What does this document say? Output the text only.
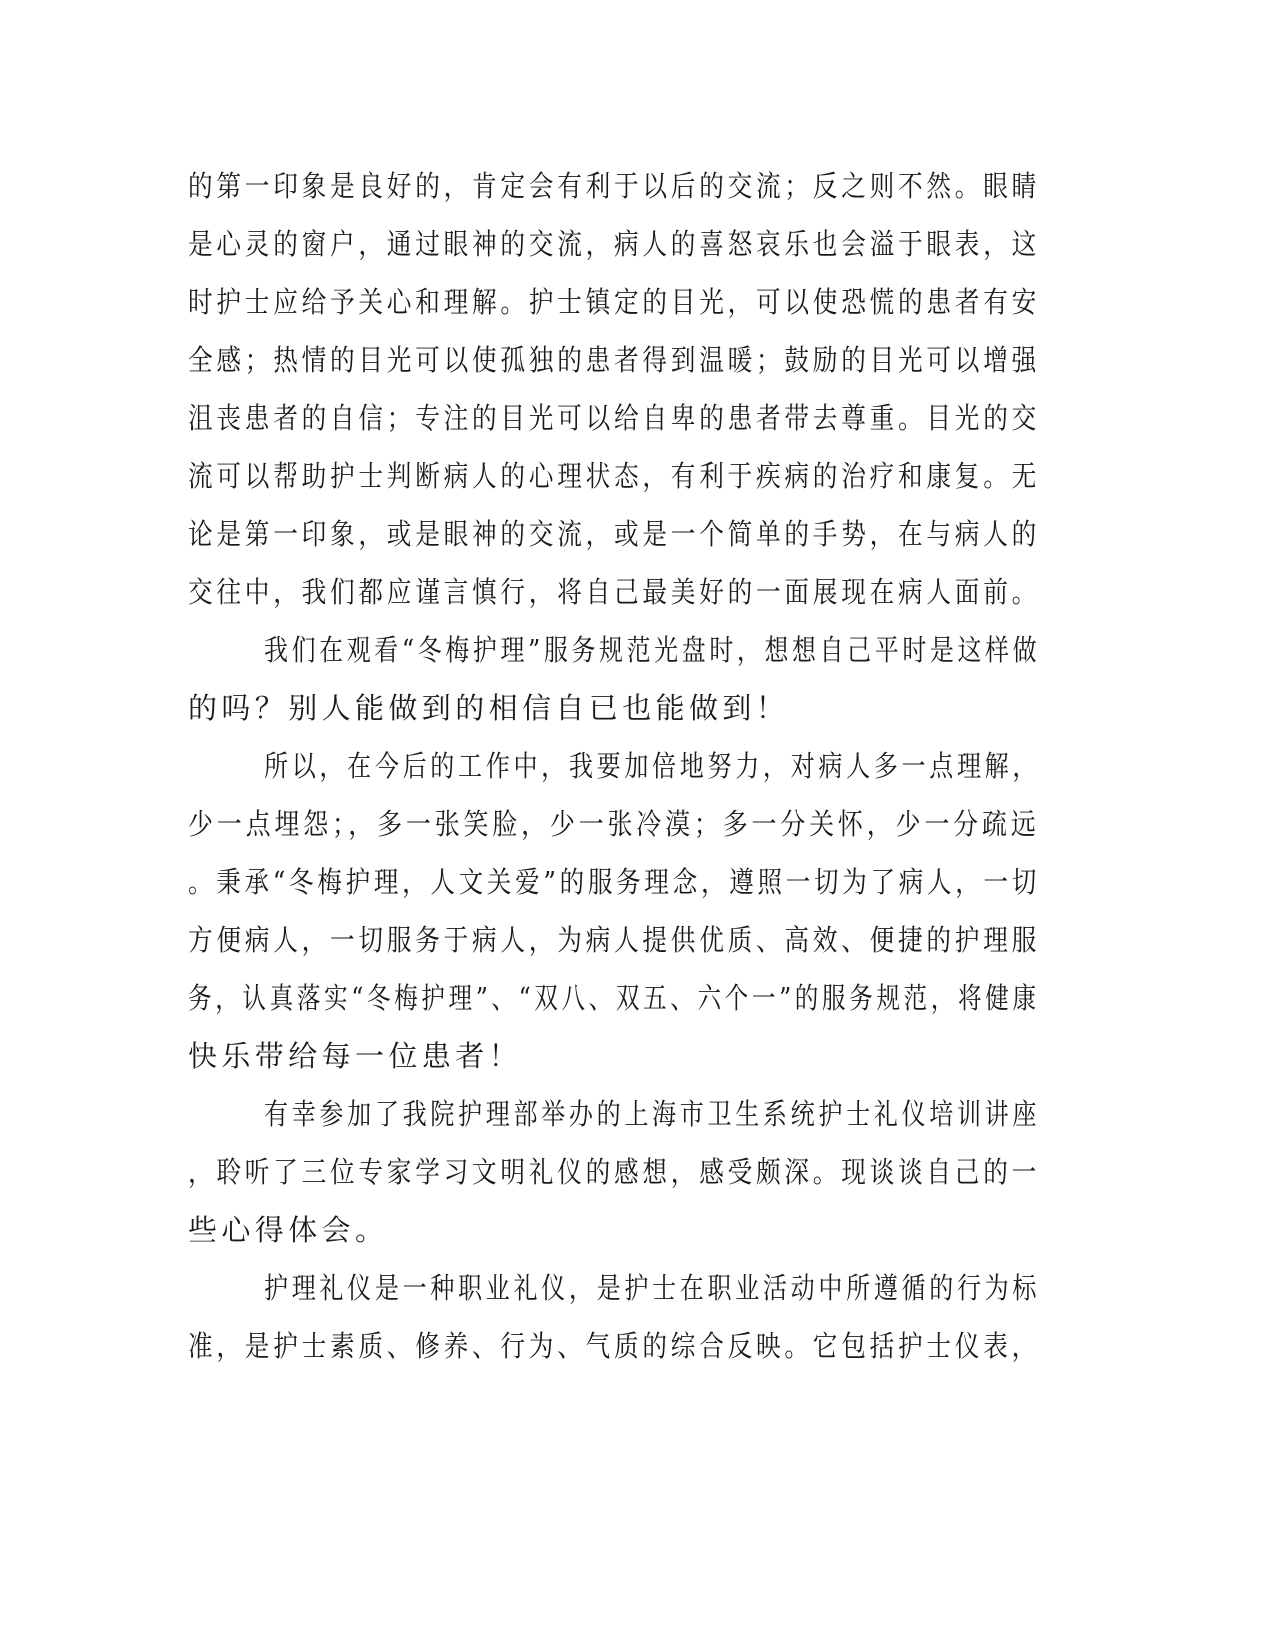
的第一印象是良好的，肯定会有利于以后的交流；反之则不然。眼睛

是心灵的窗户，通过眼神的交流，病人的喜怒哀乐也会溢于眼表，这

时护士应给予关心和理解。护士镇定的目光，可以使恐慌的患者有安

全感；热情的目光可以使孤独的患者得到温暖；鼓励的目光可以增强

沮丧患者的自信；专注的目光可以给自卑的患者带去尊重。目光的交

流可以帮助护士判断病人的心理状态，有利于疾病的治疗和康复。无

论是第一印象，或是眼神的交流，或是一个简单的手势，在与病人的

交往中，我们都应谨言慎行，将自己最美好的一面展现在病人面前。

我们在观看“冬梅护理”服务规范光盘时，想想自己平时是这样做

的吗？别人能做到的相信自已也能做到！

所以，在今后的工作中，我要加倍地努力，对病人多一点理解，

少一点埋怨；，多一张笑脸，少一张冷漠；多一分关怀，少一分疏远

。秉承“冬梅护理，人文关爱”的服务理念，遵照一切为了病人，一切

方便病人，一切服务于病人，为病人提供优质、高效、便捷的护理服

务，认真落实“冬梅护理”、“双八、双五、六个一”的服务规范，将健康

快乐带给每一位患者！

有幸参加了我院护理部举办的上海市卫生系统护士礼仪培训讲座

，聆听了三位专家学习文明礼仪的感想，感受颇深。现谈谈自己的一

些心得体会。

护理礼仪是一种职业礼仪，是护士在职业活动中所遵循的行为标

准，是护士素质、修养、行为、气质的综合反映。它包括护士仪表，
